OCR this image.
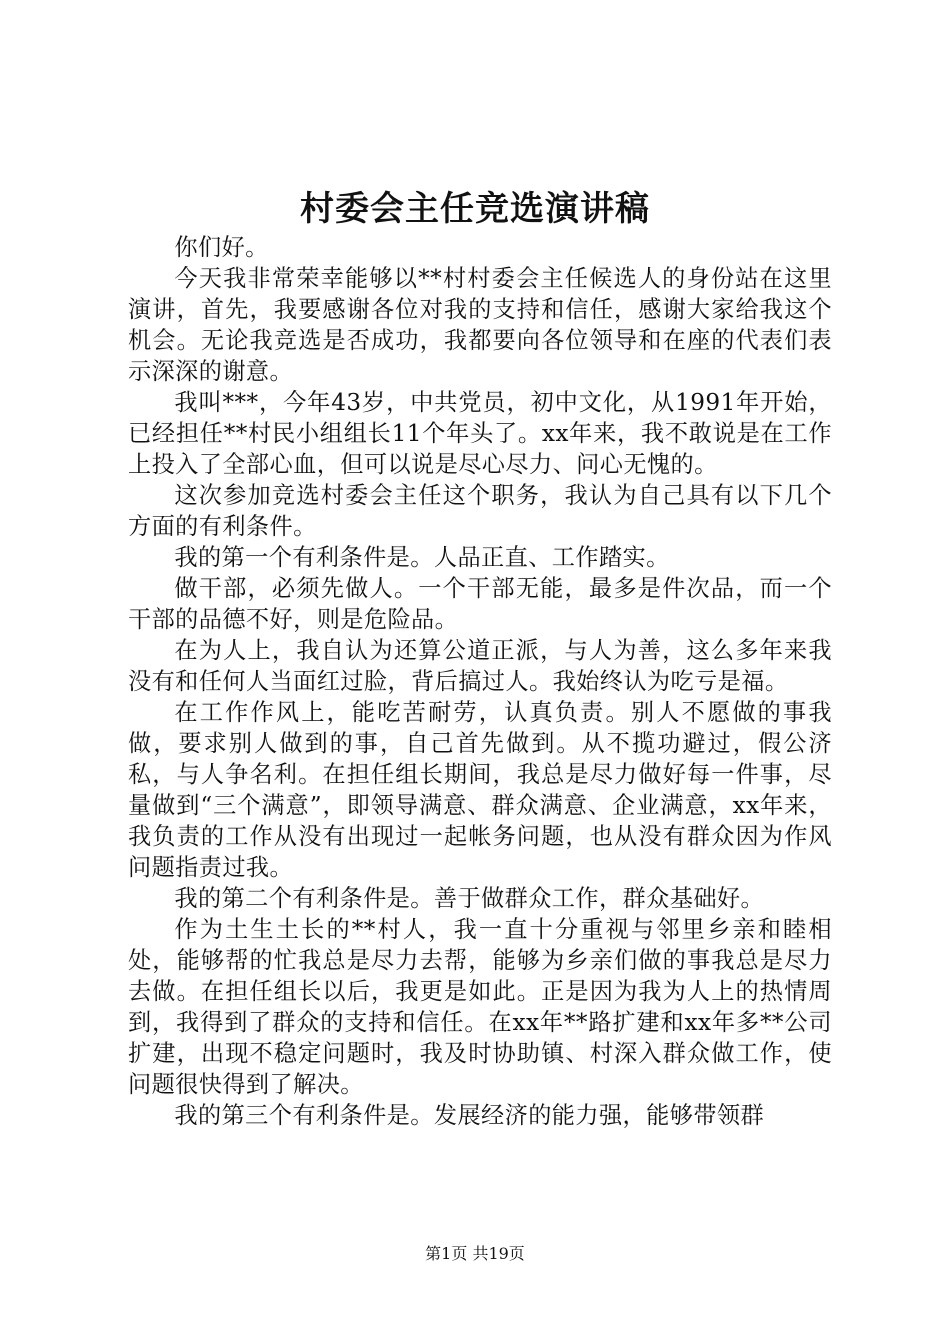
村委会主任竞选演讲稿

你们好。

今天我非常荣幸能够以**村村委会主任候选人的身份站在这里演讲，首先，我要感谢各位对我的支持和信任，感谢大家给我这个机会。无论我竞选是否成功，我都要向各位领导和在座的代表们表示深深的谢意。

我叫***，今年43岁，中共党员，初中文化，从1991年开始，已经担任**村民小组组长11个年头了。xx年来，我不敢说是在工作上投入了全部心血，但可以说是尽心尽力、问心无愧的。

这次参加竞选村委会主任这个职务，我认为自己具有以下几个方面的有利条件。

我的第一个有利条件是。人品正直、工作踏实。

做干部，必须先做人。一个干部无能，最多是件次品，而一个干部的品德不好，则是危险品。

在为人上，我自认为还算公道正派，与人为善，这么多年来我没有和任何人当面红过脸，背后搞过人。我始终认为吃亏是福。

在工作作风上，能吃苦耐劳，认真负责。别人不愿做的事我做，要求别人做到的事，自己首先做到。从不揽功避过，假公济私，与人争名利。在担任组长期间，我总是尽力做好每一件事，尽量做到“三个满意”，即领导满意、群众满意、企业满意，xx年来，我负责的工作从没有出现过一起帐务问题，也从没有群众因为作风问题指责过我。

我的第二个有利条件是。善于做群众工作，群众基础好。

作为土生土长的**村人，我一直十分重视与邻里乡亲和睦相处，能够帮的忙我总是尽力去帮，能够为乡亲们做的事我总是尽力去做。在担任组长以后，我更是如此。正是因为我为人上的热情周到，我得到了群众的支持和信任。在xx年**路扩建和xx年多**公司扩建，出现不稳定问题时，我及时协助镇、村深入群众做工作，使问题很快得到了解决。

我的第三个有利条件是。发展经济的能力强，能够带领群

第1页 共19页
